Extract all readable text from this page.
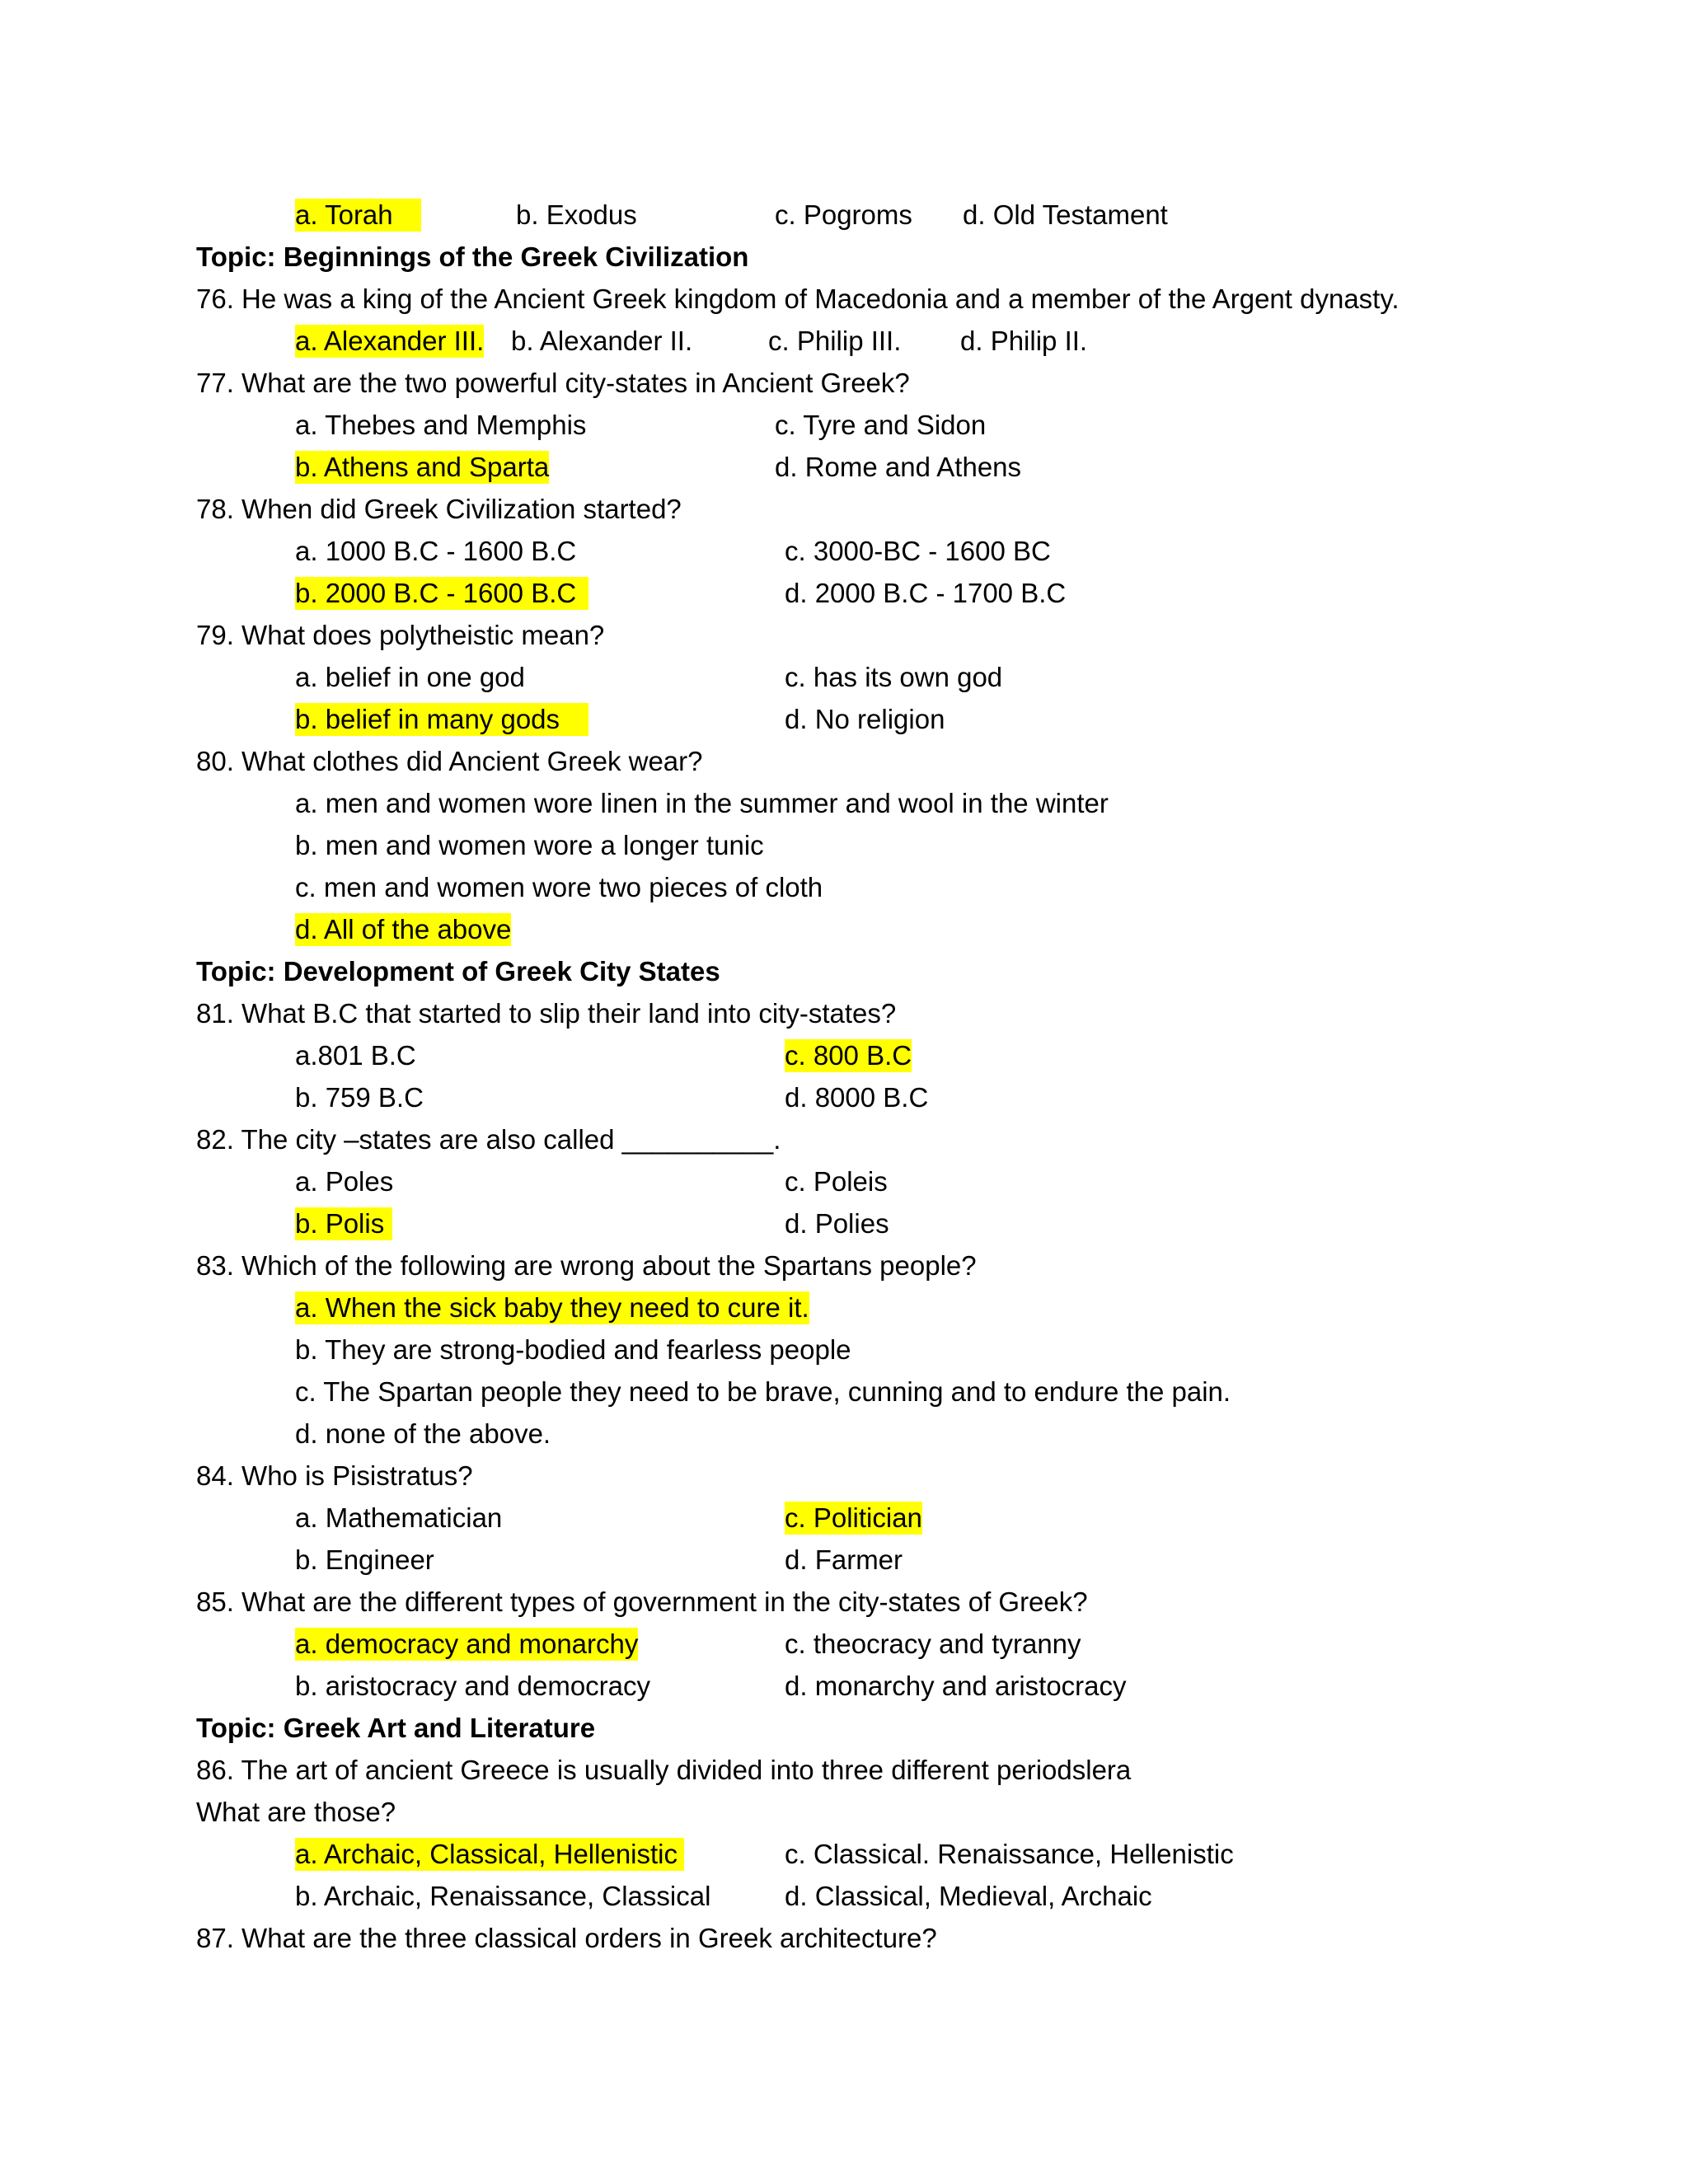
a. Torah	b. Exodus	c. Pogroms d. Old Testament
Topic: Beginnings of the Greek Civilization
76. He was a king of the Ancient Greek kingdom of Macedonia and a member of the Argent dynasty.
a. Alexander III. b. Alexander II.	c. Philip III. d. Philip II.
77. What are the two powerful city-states in Ancient Greek?
a. Thebes and Memphis	c. Tyre and Sidon
b. Athens and Sparta	d. Rome and Athens
78. When did Greek Civilization started?
a. 1000 B.C - 1600 B.C	c. 3000-BC - 1600 BC
b. 2000 B.C - 1600 B.C	d. 2000 B.C - 1700 B.C
79. What does polytheistic mean?
a. belief in one god	c. has its own god
b. belief in many gods	d. No religion
80. What clothes did Ancient Greek wear?
a. men and women wore linen in the summer and wool in the winter
b. men and women wore a longer tunic
c. men and women wore two pieces of cloth
d. All of the above
Topic: Development of Greek City States
81. What B.C that started to slip their land into city-states?
a.801 B.C	c. 800 B.C
b. 759 B.C	d. 8000 B.C
82. The city –states are also called __________.
a. Poles	c. Poleis
b. Polis	d. Polies
83. Which of the following are wrong about the Spartans people?
a. When the sick baby they need to cure it.
b. They are strong-bodied and fearless people
c. The Spartan people they need to be brave, cunning and to endure the pain.
d. none of the above.
84. Who is Pisistratus?
a. Mathematician	c. Politician
b. Engineer	d. Farmer
85. What are the different types of government in the city-states of Greek?
a. democracy and monarchy	c. theocracy and tyranny
b. aristocracy and democracy	d. monarchy and aristocracy
Topic: Greek Art and Literature
86. The art of ancient Greece is usually divided into three different periodslera
What are those?
a. Archaic, Classical, Hellenistic	c. Classical. Renaissance, Hellenistic
b. Archaic, Renaissance, Classical	d. Classical, Medieval, Archaic
87. What are the three classical orders in Greek architecture?
